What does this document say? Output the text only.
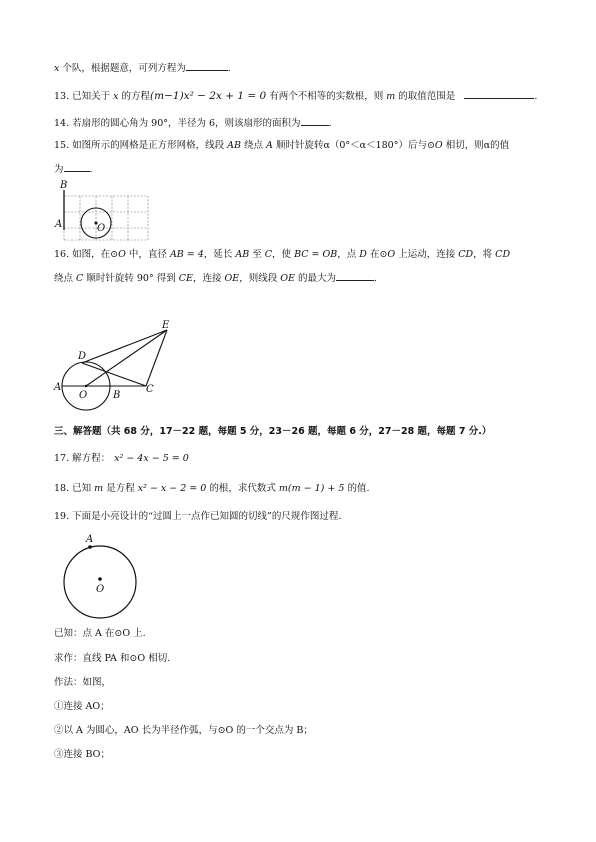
x 个队，根据题意，可列方程为	.
13. 已知关于 x 的方程(m−1)x² − 2x + 1 = 0 有两个不相等的实数根，则 m 的取值范围是	.
14. 若扇形的圆心角为 90°，半径为 6，则该扇形的面积为	.
15. 如图所示的网格是正方形网格，线段 AB 绕点 A 顺时针旋转α（0°＜α＜180°）后与⊙O 相切，则α的值
为	.
B
A	O
16. 如图，在⊙O 中，直径 AB = 4，延长 AB 至 C，使 BC = OB，点 D 在⊙O 上运动，连接 CD，将 CD
绕点 C 顺时针旋转 90° 得到 CE，连接 OE，则线段 OE 的最大为	.
E
D
A
O	B
C
三、解答题（共 68 分，17－22 题，每题 5 分，23－26 题，每题 6 分，27－28 题，每题 7 分.）
17. 解方程： x² − 4x − 5 = 0
18. 已知 m 是方程 x² − x − 2 = 0 的根，求代数式 m(m − 1) + 5 的值.
19. 下面是小亮设计的“过圆上一点作已知圆的切线”的尺规作图过程.
A
O
已知：点 A 在⊙O 上.
求作：直线 PA 和⊙O 相切.
作法：如图，
①连接 AO；
②以 A 为圆心，AO 长为半径作弧，与⊙O 的一个交点为 B；
③连接 BO；
